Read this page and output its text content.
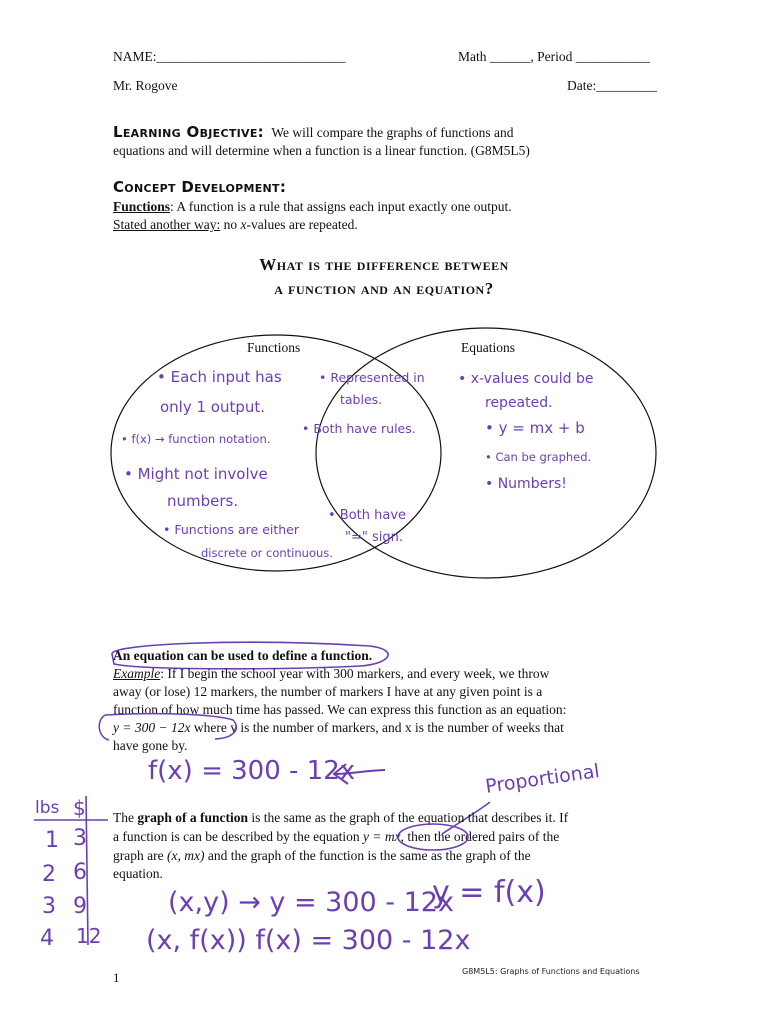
NAME:____________________________	Math ______, Period ___________
Mr. Rogove	Date:_________
Learning Objective: We will compare the graphs of functions and
equations and will determine when a function is a linear function. (G8M5L5)
Concept Development:
Functions: A function is a rule that assigns each input exactly one output.
Stated another way: no x-values are repeated.
What is the difference between
a function and an equation?
Functions	Equations
• Each input has
only 1 output.
• f(x) → function notation.
• Might not involve
numbers.
• Functions are either
discrete or continuous.
• Represented in
tables.
• Both have rules.
• Both have
"=" sign.
• x-values could be
repeated.
• y = mx + b
• Can be graphed.
• Numbers!
An equation can be used to define a function.
Example: If I begin the school year with 300 markers, and every week, we throw
away (or lose) 12 markers, the number of markers I have at any given point is a
function of how much time has passed. We can express this function as an equation:
y = 300 − 12x where y is the number of markers, and x is the number of weeks that
have gone by.
f(x) = 300 - 12x	Proportional
lbs $
1 3
2 6
3 9
4 12
The graph of a function is the same as the graph of the equation that describes it. If
a function is can be described by the equation y = mx, then the ordered pairs of the
graph are (x, mx) and the graph of the function is the same as the graph of the
equation.
(x,y) → y = 300 - 12x
y = f(x)
(x, f(x)) f(x) = 300 - 12x
1	G8M5L5: Graphs of Functions and Equations
